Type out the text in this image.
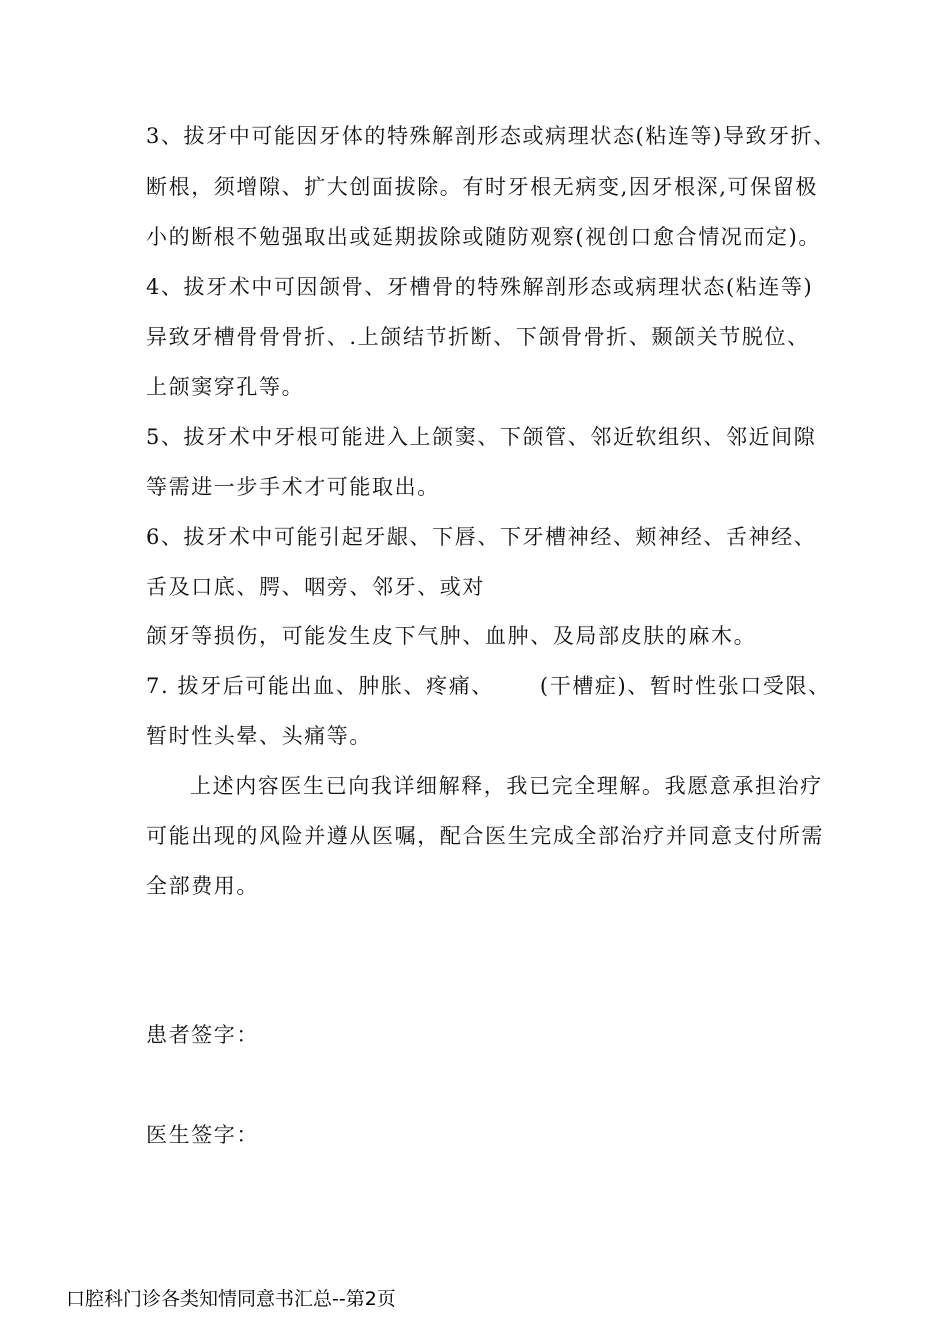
3、拔牙中可能因牙体的特殊解剖形态或病理状态(粘连等)导致牙折、
断根，须增隙、扩大创面拔除。有时牙根无病变,因牙根深,可保留极
小的断根不勉强取出或延期拔除或随防观察(视创口愈合情况而定)。
4、拔牙术中可因颌骨、牙槽骨的特殊解剖形态或病理状态(粘连等)
异致牙槽骨骨骨折、.上颌结节折断、下颌骨骨折、颞颌关节脱位、
上颌窦穿孔等。
5、拔牙术中牙根可能进入上颌窦、下颌管、邻近软组织、邻近间隙
等需进一步手术才可能取出。
6、拔牙术中可能引起牙龈、下唇、下牙槽神经、颊神经、舌神经、
舌及口底、腭、咽旁、邻牙、或对
颌牙等损伤，可能发生皮下气肿、血肿、及局部皮肤的麻木。
7. 拔牙后可能出血、肿胀、疼痛、 (干槽症)、暂时性张口受限、
暂时性头晕、头痛等。
上述内容医生已向我详细解释，我已完全理解。我愿意承担治疗
可能出现的风险并遵从医嘱，配合医生完成全部治疗并同意支付所需
全部费用。
患者签字：
医生签字：
口腔科门诊各类知情同意书汇总--第2页
